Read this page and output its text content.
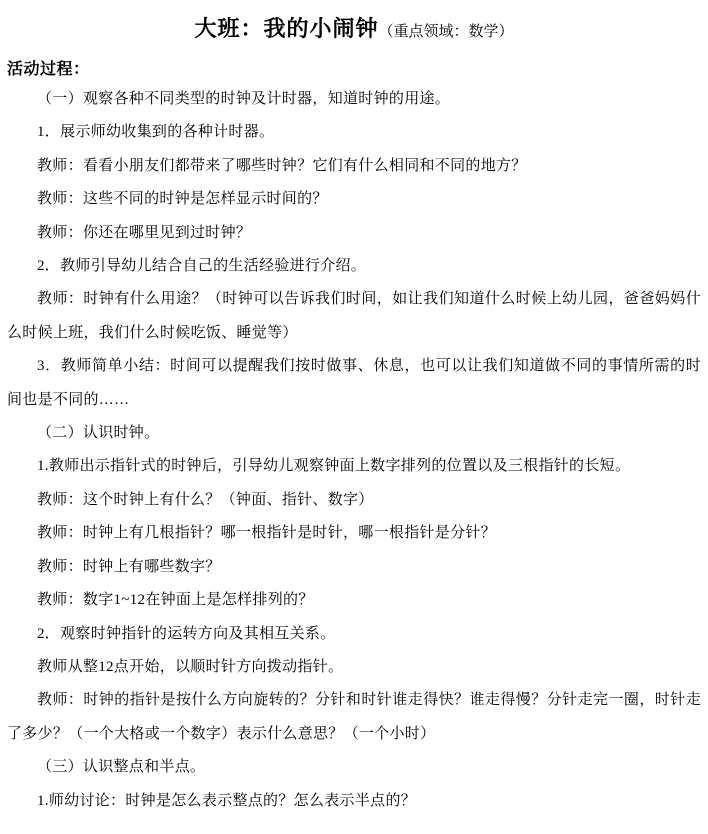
大班：我的小闹钟（重点领域：数学）
活动过程：

（一）观察各种不同类型的时钟及计时器，知道时钟的用途。

1．展示师幼收集到的各种计时器。

教师：看看小朋友们都带来了哪些时钟？它们有什么相同和不同的地方？

教师：这些不同的时钟是怎样显示时间的？

教师：你还在哪里见到过时钟？

2．教师引导幼儿结合自己的生活经验进行介绍。

教师：时钟有什么用途？（时钟可以告诉我们时间，如让我们知道什么时候上幼儿园，爸爸妈妈什么时候上班，我们什么时候吃饭、睡觉等）

3．教师简单小结：时间可以提醒我们按时做事、休息，也可以让我们知道做不同的事情所需的时间也是不同的……

（二）认识时钟。

1.教师出示指针式的时钟后，引导幼儿观察钟面上数字排列的位置以及三根指针的长短。

教师：这个时钟上有什么？（钟面、指针、数字）

教师：时钟上有几根指针？哪一根指针是时针，哪一根指针是分针？

教师：时钟上有哪些数字？

教师：数字1~12在钟面上是怎样排列的？

2．观察时钟指针的运转方向及其相互关系。

教师从整12点开始，以顺时针方向拨动指针。

教师：时钟的指针是按什么方向旋转的？分针和时针谁走得快？谁走得慢？分针走完一圈，时针走了多少？（一个大格或一个数字）表示什么意思？（一个小时）

（三）认识整点和半点。

1.师幼讨论：时钟是怎么表示整点的？怎么表示半点的？
